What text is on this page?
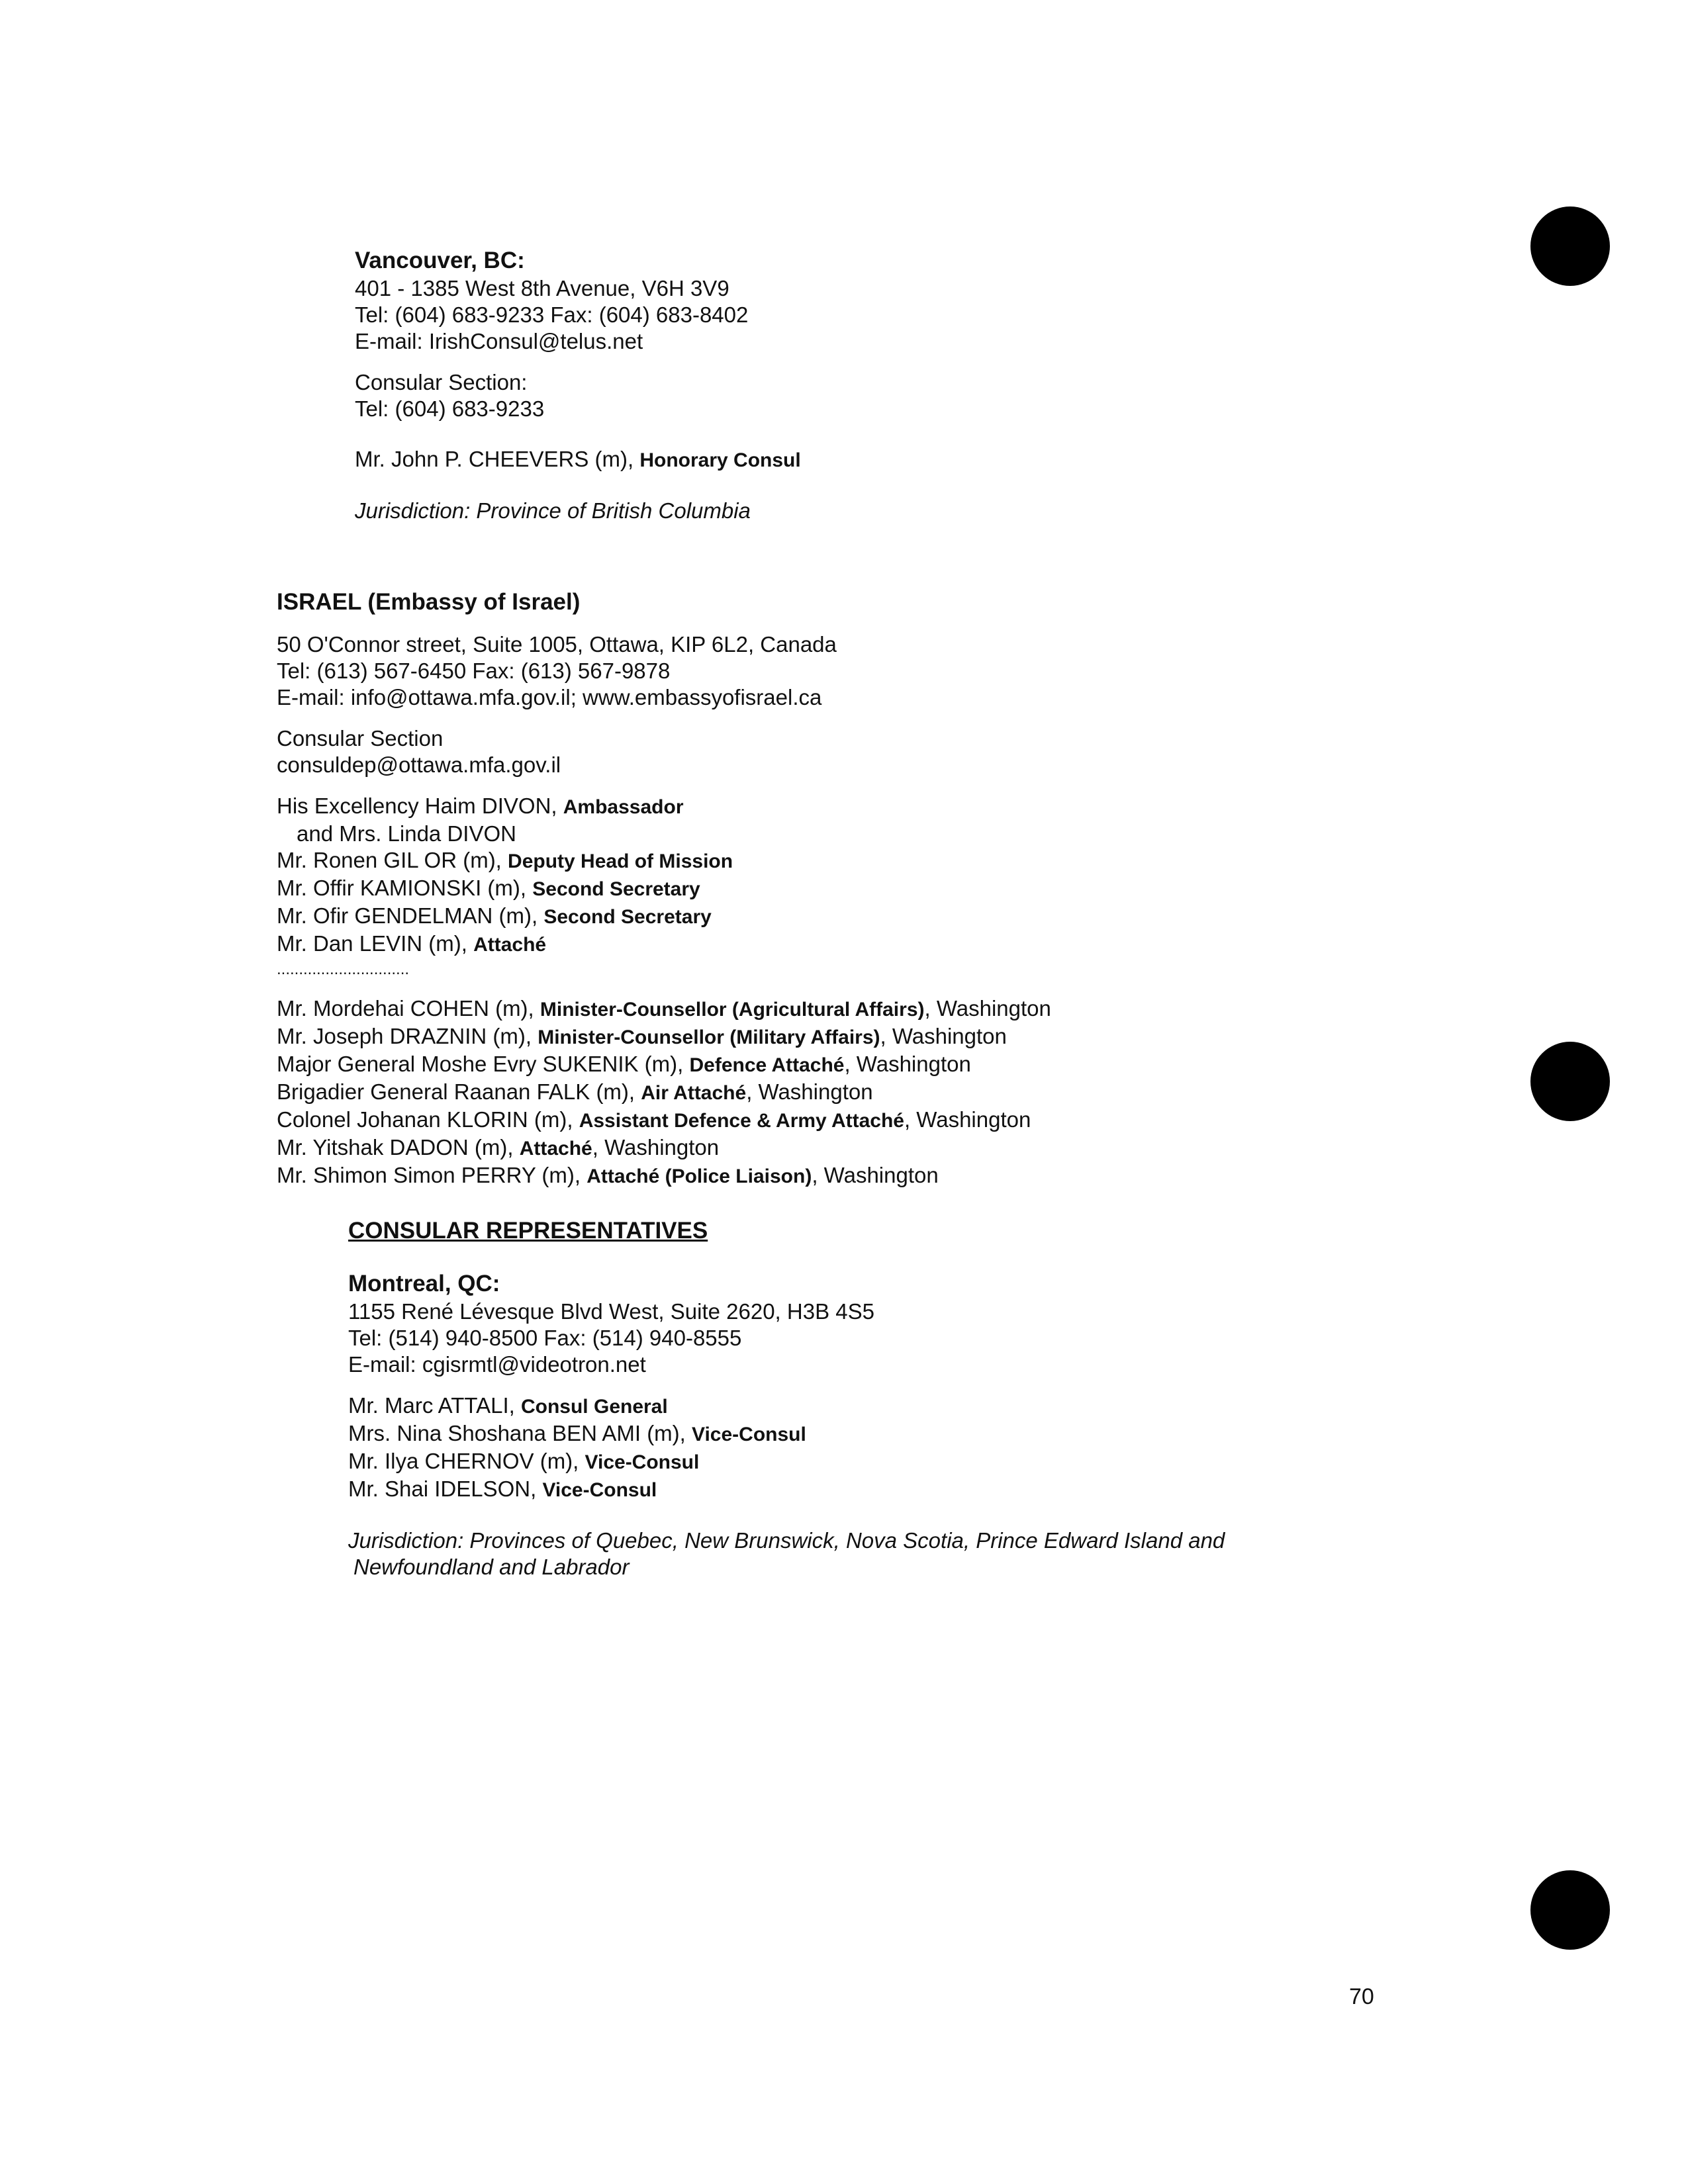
Vancouver, BC:
401 - 1385 West 8th Avenue, V6H 3V9
Tel: (604) 683-9233 Fax: (604) 683-8402
E-mail: IrishConsul@telus.net
Consular Section:
Tel: (604) 683-9233
Mr. John P. CHEEVERS (m), Honorary Consul
Jurisdiction: Province of British Columbia
ISRAEL (Embassy of Israel)
50 O'Connor street, Suite 1005, Ottawa, KIP 6L2, Canada
Tel: (613) 567-6450 Fax: (613) 567-9878
E-mail: info@ottawa.mfa.gov.il; www.embassyofisrael.ca
Consular Section
consuldep@ottawa.mfa.gov.il
His Excellency Haim DIVON, Ambassador
and Mrs. Linda DIVON
Mr. Ronen GIL OR (m), Deputy Head of Mission
Mr. Offir KAMIONSKI (m), Second Secretary
Mr. Ofir GENDELMAN (m), Second Secretary
Mr. Dan LEVIN (m), Attaché
..............................
Mr. Mordehai COHEN (m), Minister-Counsellor (Agricultural Affairs), Washington
Mr. Joseph DRAZNIN (m), Minister-Counsellor (Military Affairs), Washington
Major General Moshe Evry SUKENIK (m), Defence Attaché, Washington
Brigadier General Raanan FALK (m), Air Attaché, Washington
Colonel Johanan KLORIN (m), Assistant Defence & Army Attaché, Washington
Mr. Yitshak DADON (m), Attaché, Washington
Mr. Shimon Simon PERRY (m), Attaché (Police Liaison), Washington
CONSULAR REPRESENTATIVES
Montreal, QC:
1155 René Lévesque Blvd West, Suite 2620, H3B 4S5
Tel: (514) 940-8500 Fax: (514) 940-8555
E-mail: cgisrmtl@videotron.net
Mr. Marc ATTALI, Consul General
Mrs. Nina Shoshana BEN AMI (m), Vice-Consul
Mr. Ilya CHERNOV (m), Vice-Consul
Mr. Shai IDELSON, Vice-Consul
Jurisdiction: Provinces of Quebec, New Brunswick, Nova Scotia, Prince Edward Island and
Newfoundland and Labrador
70
